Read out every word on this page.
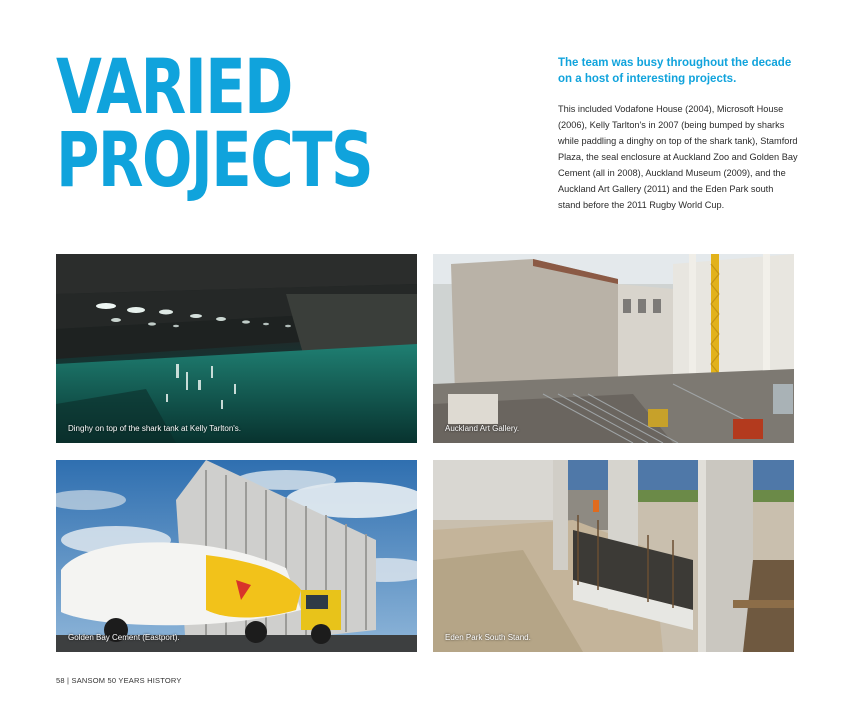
VARIED
PROJECTS

The team was busy throughout the decade on a host of interesting projects.

This included Vodafone House (2004), Microsoft House (2006), Kelly Tarlton's in 2007 (being bumped by sharks while paddling a dinghy on top of the shark tank), Stamford Plaza, the seal enclosure at Auckland Zoo and Golden Bay Cement (all in 2008), Auckland Museum (2009), and the Auckland Art Gallery (2011) and the Eden Park south stand before the 2011 Rugby World Cup.

Dinghy on top of the shark tank at Kelly Tarlton's.	Auckland Art Gallery.
Golden Bay Cement (Eastport).	Eden Park South Stand.
58 | SANSOM 50 YEARS HISTORY
